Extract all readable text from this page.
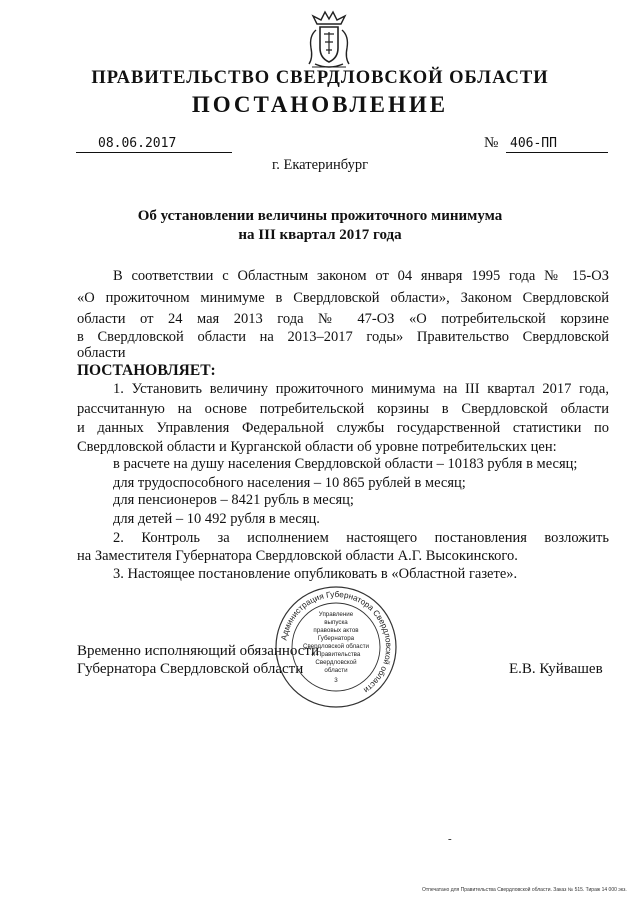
ПРАВИТЕЛЬСТВО СВЕРДЛОВСКОЙ ОБЛАСТИ
ПОСТАНОВЛЕНИЕ
08.06.2017	№ 406-ПП
г. Екатеринбург
Об установлении величины прожиточного минимума
на III квартал 2017 года
В соответствии с Областным законом от 04 января 1995 года № 15-ОЗ
«О прожиточном минимуме в Свердловской области», Законом Свердловской
области от 24 мая 2013 года № 47-ОЗ «О потребительской корзине
в Свердловской области на 2013–2017 годы» Правительство Свердловской
области
ПОСТАНОВЛЯЕТ:
1. Установить величину прожиточного минимума на III квартал 2017 года,
рассчитанную на основе потребительской корзины в Свердловской области
и данных Управления Федеральной службы государственной статистики по
Свердловской области и Курганской области об уровне потребительских цен:
в расчете на душу населения Свердловской области – 10183 рубля в месяц;
для трудоспособного населения – 10 865 рублей в месяц;
для пенсионеров – 8421 рубль в месяц;
для детей – 10 492 рубля в месяц.
2. Контроль за исполнением настоящего постановления возложить
на Заместителя Губернатора Свердловской области А.Г. Высокинского.
3. Настоящее постановление опубликовать в «Областной газете».
Временно исполняющий обязанности
Губернатора Свердловской области	Е.В. Куйвашев
Администрация Губернатора Свердловской области
Управление
выпуска
правовых актов
Губернатора
Свердловской области
и Правительства
Свердловской
области
3
-
Отпечатано для Правительства Свердловской области. Заказ № 515. Тираж 14 000 экз.
